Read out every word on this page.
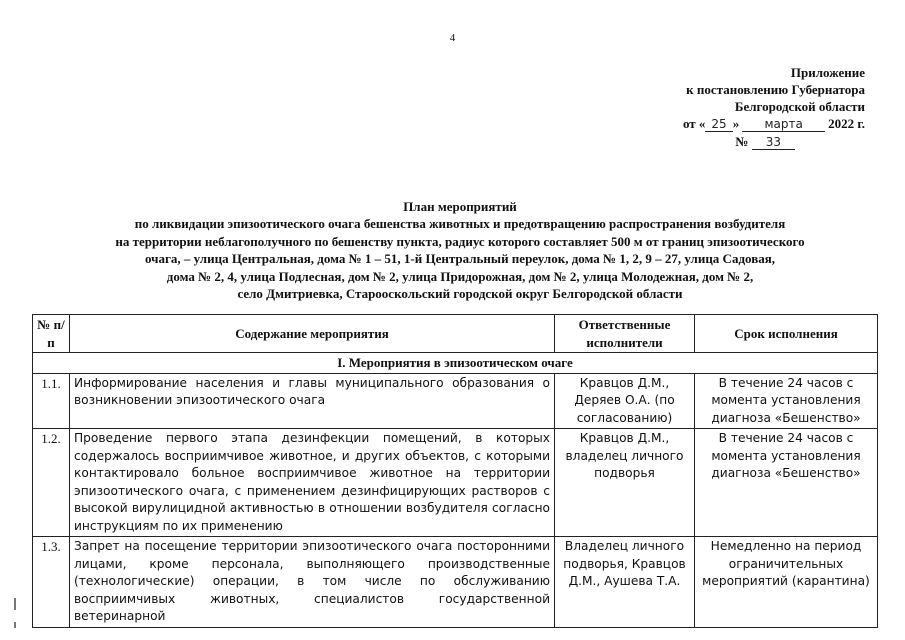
4
Приложение
к постановлению Губернатора
Белгородской области
от « 25 » марта 2022 г.
№ 33
План мероприятий
по ликвидации эпизоотического очага бешенства животных и предотвращению распространения возбудителя
на территории неблагополучного по бешенству пункта, радиус которого составляет 500 м от границ эпизоотического
очага, – улица Центральная, дома № 1 – 51, 1-й Центральный переулок, дома № 1, 2, 9 – 27, улица Садовая,
дома № 2, 4, улица Подлесная, дом № 2, улица Придорожная, дом № 2, улица Молодежная, дом № 2,
село Дмитриевка, Старооскольский городской округ Белгородской области
№ п/п	Содержание мероприятия	Ответственные исполнители	Срок исполнения
I. Мероприятия в эпизоотическом очаге			
1.1.	Информирование населения и главы муниципального образования о возникновении эпизоотического очага	Кравцов Д.М., Деряев О.А. (по согласованию)	В течение 24 часов с момента установления диагноза «Бешенство»
1.2.	Проведение первого этапа дезинфекции помещений, в которых содержалось восприимчивое животное, и других объектов, с которыми контактировало больное восприимчивое животное на территории эпизоотического очага, с применением дезинфицирующих растворов с высокой вирулицидной активностью в отношении возбудителя согласно инструкциям по их применению	Кравцов Д.М., владелец личного подворья	В течение 24 часов с момента установления диагноза «Бешенство»
1.3.	Запрет на посещение территории эпизоотического очага посторонними лицами, кроме персонала, выполняющего производственные (технологические) операции, в том числе по обслуживанию восприимчивых животных, специалистов государственной ветеринарной	Владелец личного подворья, Кравцов Д.М., Аушева Т.А.	Немедленно на период ограничительных мероприятий (карантина)
